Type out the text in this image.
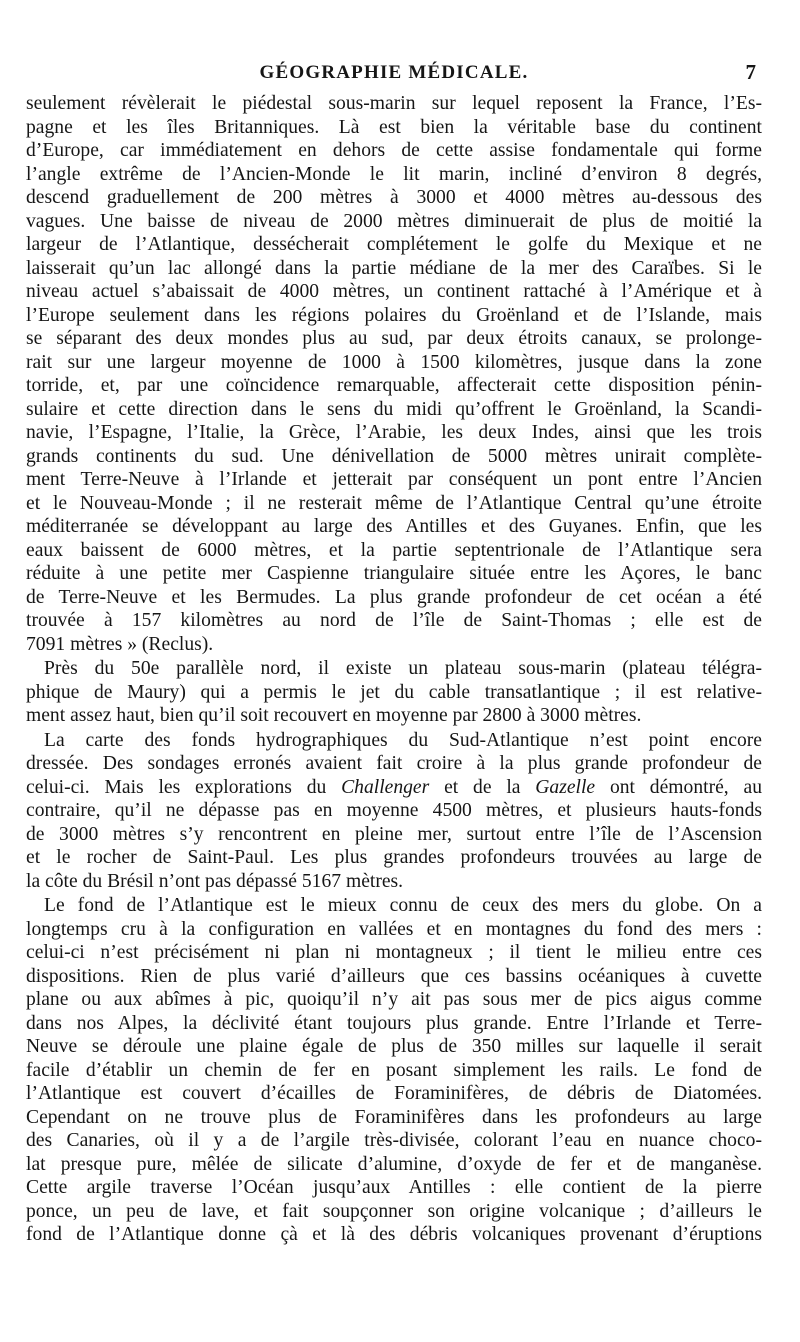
GÉOGRAPHIE MÉDICALE.	7
seulement révèlerait le piédestal sous-marin sur lequel reposent la France, l’Es-
pagne et les îles Britanniques. Là est bien la véritable base du continent
d’Europe, car immédiatement en dehors de cette assise fondamentale qui forme
l’angle extrême de l’Ancien-Monde le lit marin, incliné d’environ 8 degrés,
descend graduellement de 200 mètres à 3000 et 4000 mètres au-dessous des
vagues. Une baisse de niveau de 2000 mètres diminuerait de plus de moitié la
largeur de l’Atlantique, dessécherait complétement le golfe du Mexique et ne
laisserait qu’un lac allongé dans la partie médiane de la mer des Caraïbes. Si le
niveau actuel s’abaissait de 4000 mètres, un continent rattaché à l’Amérique et à
l’Europe seulement dans les régions polaires du Groënland et de l’Islande, mais
se séparant des deux mondes plus au sud, par deux étroits canaux, se prolonge-
rait sur une largeur moyenne de 1000 à 1500 kilomètres, jusque dans la zone
torride, et, par une coïncidence remarquable, affecterait cette disposition pénin-
sulaire et cette direction dans le sens du midi qu’offrent le Groënland, la Scandi-
navie, l’Espagne, l’Italie, la Grèce, l’Arabie, les deux Indes, ainsi que les trois
grands continents du sud. Une dénivellation de 5000 mètres unirait complète-
ment Terre-Neuve à l’Irlande et jetterait par conséquent un pont entre l’Ancien
et le Nouveau-Monde ; il ne resterait même de l’Atlantique Central qu’une étroite
méditerranée se développant au large des Antilles et des Guyanes. Enfin, que les
eaux baissent de 6000 mètres, et la partie septentrionale de l’Atlantique sera
réduite à une petite mer Caspienne triangulaire située entre les Açores, le banc
de Terre-Neuve et les Bermudes. La plus grande profondeur de cet océan a été
trouvée à 157 kilomètres au nord de l’île de Saint-Thomas ; elle est de
7091 mètres » (Reclus).
Près du 50e parallèle nord, il existe un plateau sous-marin (plateau télégra-
phique de Maury) qui a permis le jet du cable transatlantique ; il est relative-
ment assez haut, bien qu’il soit recouvert en moyenne par 2800 à 3000 mètres.
La carte des fonds hydrographiques du Sud-Atlantique n’est point encore
dressée. Des sondages erronés avaient fait croire à la plus grande profondeur de
celui-ci. Mais les explorations du Challenger et de la Gazelle ont démontré, au
contraire, qu’il ne dépasse pas en moyenne 4500 mètres, et plusieurs hauts-fonds
de 3000 mètres s’y rencontrent en pleine mer, surtout entre l’île de l’Ascension
et le rocher de Saint-Paul. Les plus grandes profondeurs trouvées au large de
la côte du Brésil n’ont pas dépassé 5167 mètres.
Le fond de l’Atlantique est le mieux connu de ceux des mers du globe. On a
longtemps cru à la configuration en vallées et en montagnes du fond des mers :
celui-ci n’est précisément ni plan ni montagneux ; il tient le milieu entre ces
dispositions. Rien de plus varié d’ailleurs que ces bassins océaniques à cuvette
plane ou aux abîmes à pic, quoiqu’il n’y ait pas sous mer de pics aigus comme
dans nos Alpes, la déclivité étant toujours plus grande. Entre l’Irlande et Terre-
Neuve se déroule une plaine égale de plus de 350 milles sur laquelle il serait
facile d’établir un chemin de fer en posant simplement les rails. Le fond de
l’Atlantique est couvert d’écailles de Foraminifères, de débris de Diatomées.
Cependant on ne trouve plus de Foraminifères dans les profondeurs au large
des Canaries, où il y a de l’argile très-divisée, colorant l’eau en nuance choco-
lat presque pure, mêlée de silicate d’alumine, d’oxyde de fer et de manganèse.
Cette argile traverse l’Océan jusqu’aux Antilles : elle contient de la pierre
ponce, un peu de lave, et fait soupçonner son origine volcanique ; d’ailleurs le
fond de l’Atlantique donne çà et là des débris volcaniques provenant d’éruptions
